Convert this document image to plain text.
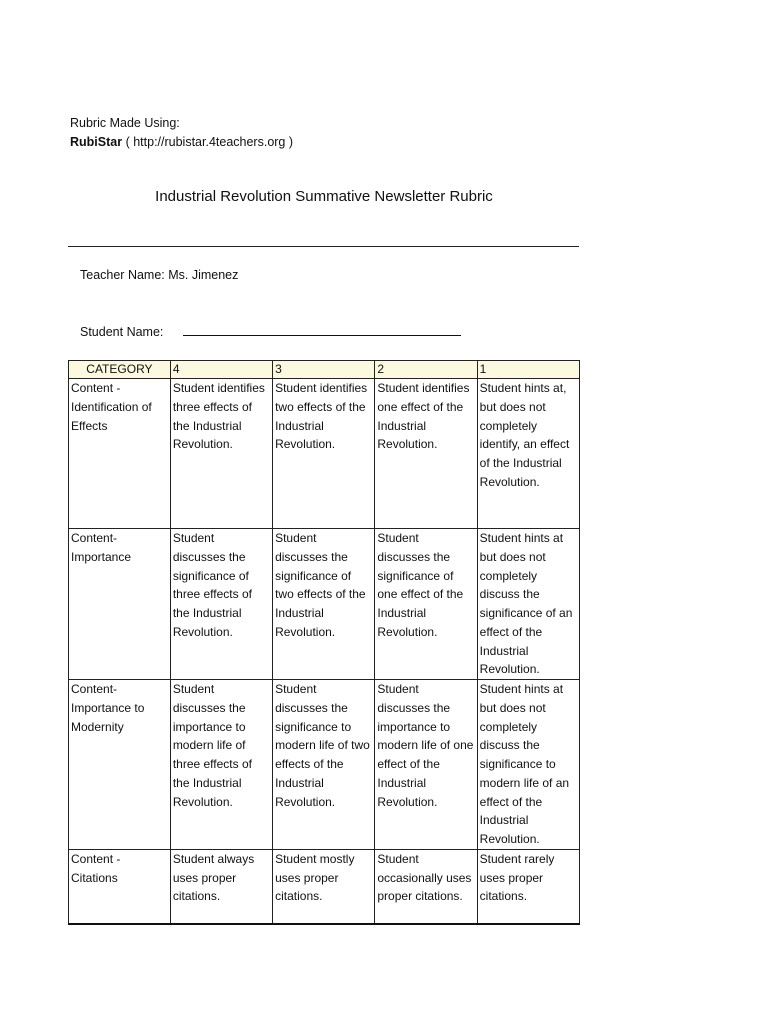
Rubric Made Using:
RubiStar ( http://rubistar.4teachers.org )
Industrial Revolution Summative Newsletter Rubric
Teacher Name: Ms. Jimenez
Student Name:
CATEGORY	4	3	2	1
Content - Identification of Effects	Student identifies three effects of the Industrial Revolution.	Student identifies two effects of the Industrial Revolution.	Student identifies one effect of the Industrial Revolution.	Student hints at, but does not completely identify, an effect of the Industrial Revolution.
Content- Importance	Student discusses the significance of three effects of the Industrial Revolution.	Student discusses the significance of two effects of the Industrial Revolution.	Student discusses the significance of one effect of the Industrial Revolution.	Student hints at but does not completely discuss the significance of an effect of the Industrial Revolution.
Content- Importance to Modernity	Student discusses the importance to modern life of three effects of the Industrial Revolution.	Student discusses the significance to modern life of two effects of the Industrial Revolution.	Student discusses the importance to modern life of one effect of the Industrial Revolution.	Student hints at but does not completely discuss the significance to modern life of an effect of the Industrial Revolution.
Content - Citations	Student always uses proper citations.	Student mostly uses proper citations.	Student occasionally uses proper citations.	Student rarely uses proper citations.
